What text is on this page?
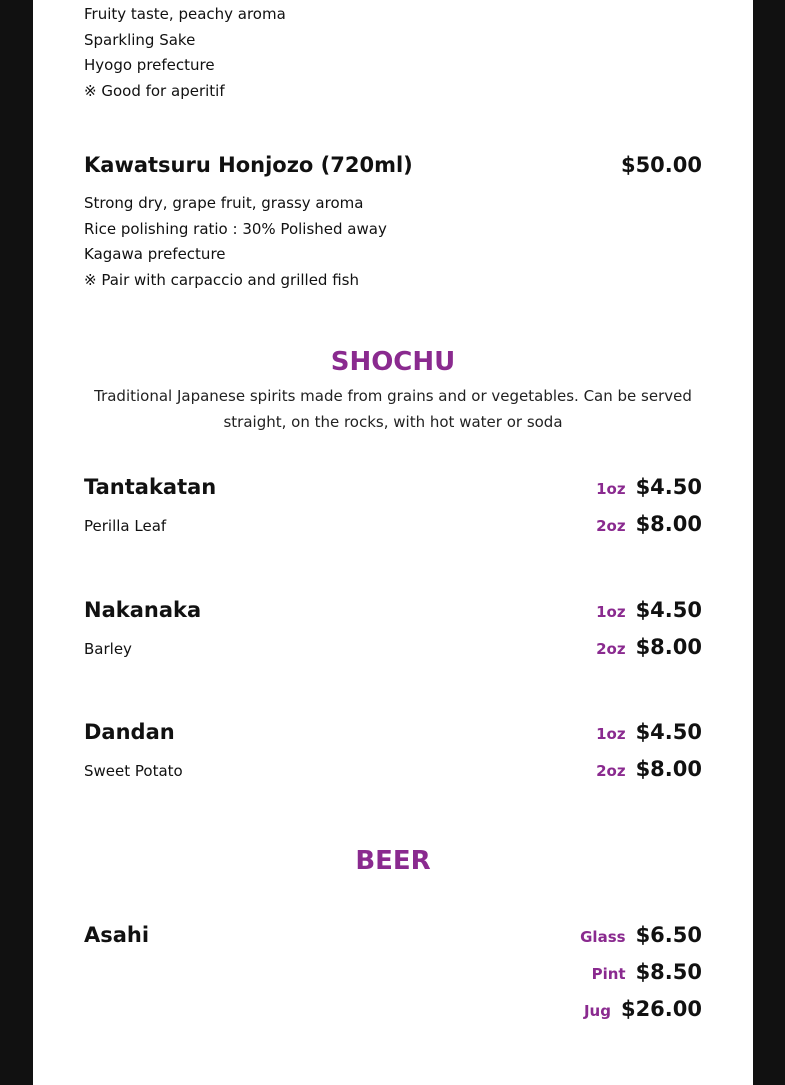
Fruity taste, peachy aroma
Sparkling Sake
Hyogo prefecture
※ Good for aperitif
Kawatsuru Honjozo (720ml)	$50.00
Strong dry, grape fruit, grassy aroma
Rice polishing ratio : 30% Polished away
Kagawa prefecture
※ Pair with carpaccio and grilled fish
SHOCHU
Traditional Japanese spirits made from grains and or vegetables. Can be served straight, on the rocks, with hot water or soda
Tantakatan
Perilla Leaf
1oz $4.50
2oz $8.00
Nakanaka
Barley
1oz $4.50
2oz $8.00
Dandan
Sweet Potato
1oz $4.50
2oz $8.00
BEER
Asahi	Glass $6.50
Pint $8.50
Jug $26.00
